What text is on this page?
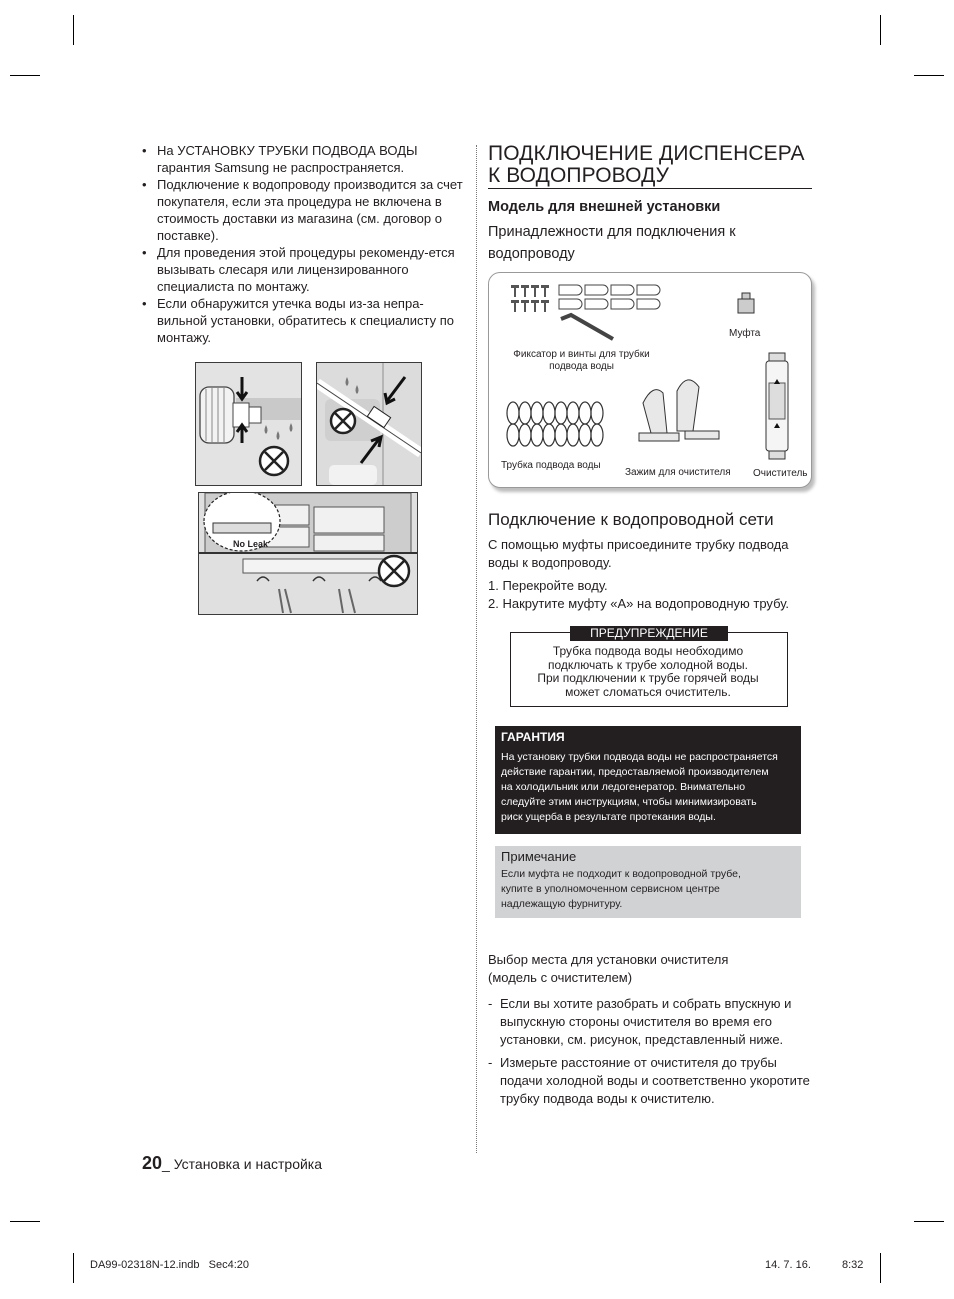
• На УСТАНОВКУ ТРУБКИ ПОДВОДА ВОДЫ гарантия Samsung не распространяется.
• Подключение к водопроводу производится за счет покупателя, если эта процедура не включена в стоимость доставки из магазина (см. договор о поставке).
• Для проведения этой процедуры рекоменду-ется вызывать слесаря или лицензированного специалиста по монтажу.
• Если обнаружится утечка воды из-за непра-вильной установки, обратитесь к специалисту по монтажу.
No Leak
ПОДКЛЮЧЕНИЕ ДИСПЕНСЕРА
К ВОДОПРОВОДУ
Модель для внешней установки
Принадлежности для подключения к
водопроводу
Фиксатор и винты для трубки
подвода воды
Муфта
Трубка подвода воды
Зажим для очистителя Очиститель
Подключение к водопроводной сети
С помощью муфты присоедините трубку подвода
воды к водопроводу.
1. Перекройте воду.
2. Накрутите муфту «A» на водопроводную трубу.
ПРЕДУПРЕЖДЕНИЕ
Трубка подвода воды необходимо
подключать к трубе холодной воды.
При подключении к трубе горячей воды
может сломаться очиститель.
ГАРАНТИЯ
На установку трубки подвода воды не распространяется
действие гарантии, предоставляемой производителем
на холодильник или ледогенератор. Внимательно
следуйте этим инструкциям, чтобы минимизировать
риск ущерба в результате протекания воды.
Примечание
Если муфта не подходит к водопроводной трубе,
купите в уполномоченном сервисном центре
надлежащую фурнитуру.
Выбор места для установки очистителя
(модель с очистителем)
- Если вы хотите разобрать и собрать впускную и выпускную стороны очистителя во время его установки, см. рисунок, представленный ниже.
- Измерьте расстояние от очистителя до трубы подачи холодной воды и соответственно укоротите трубку подвода воды к очистителю.
20_ Установка и настройка
DA99-02318N-12.indb   Sec4:20	14. 7. 16.	8:32
